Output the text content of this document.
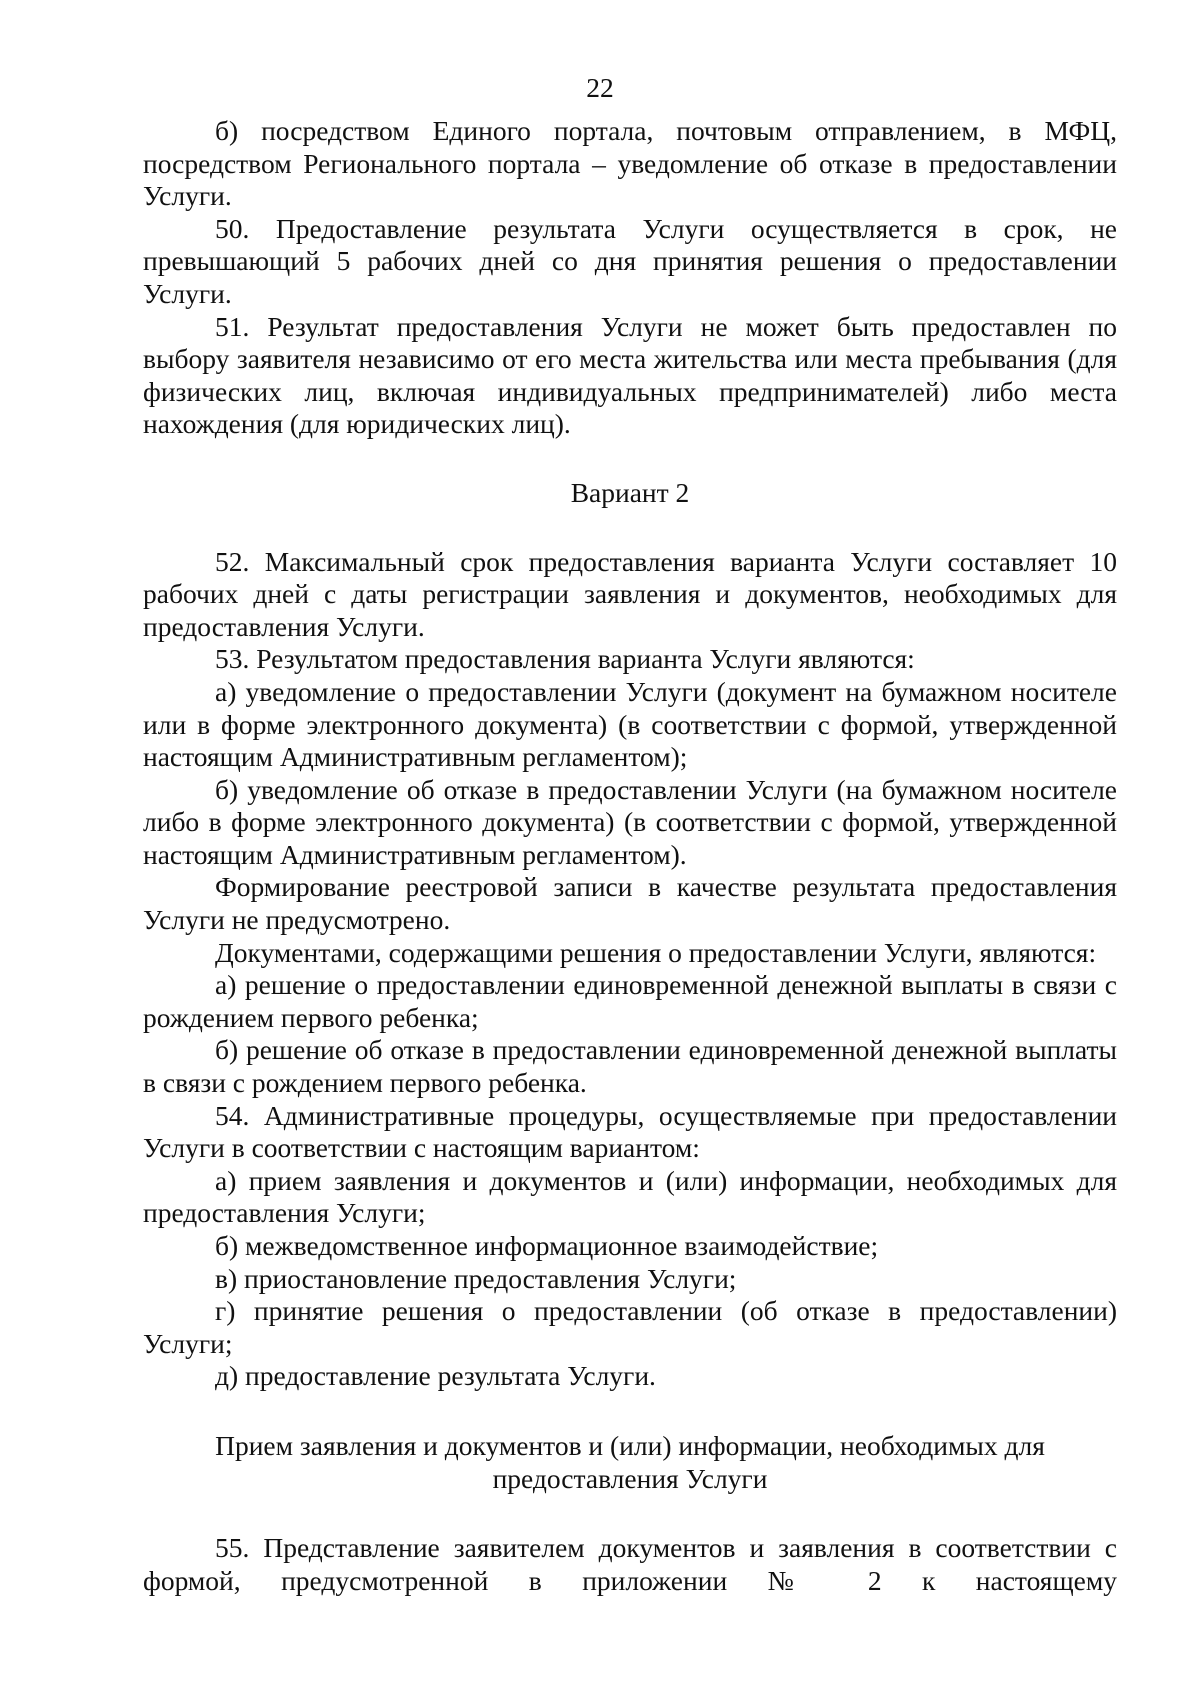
22

б) посредством Единого портала, почтовым отправлением, в МФЦ, посредством Регионального портала – уведомление об отказе в предоставлении Услуги.

50. Предоставление результата Услуги осуществляется в срок, не превышающий 5 рабочих дней со дня принятия решения о предоставлении Услуги.

51. Результат предоставления Услуги не может быть предоставлен по выбору заявителя независимо от его места жительства или места пребывания (для физических лиц, включая индивидуальных предпринимателей) либо места нахождения (для юридических лиц).

Вариант 2

52. Максимальный срок предоставления варианта Услуги составляет 10 рабочих дней с даты регистрации заявления и документов, необходимых для предоставления Услуги.

53. Результатом предоставления варианта Услуги являются:

а) уведомление о предоставлении Услуги (документ на бумажном носителе или в форме электронного документа) (в соответствии с формой, утвержденной настоящим Административным регламентом);

б) уведомление об отказе в предоставлении Услуги (на бумажном носителе либо в форме электронного документа) (в соответствии с формой, утвержденной настоящим Административным регламентом).

Формирование реестровой записи в качестве результата предоставления Услуги не предусмотрено.

Документами, содержащими решения о предоставлении Услуги, являются:

а) решение о предоставлении единовременной денежной выплаты в связи с рождением первого ребенка;

б) решение об отказе в предоставлении единовременной денежной выплаты в связи с рождением первого ребенка.

54. Административные процедуры, осуществляемые при предоставлении Услуги в соответствии с настоящим вариантом:

а) прием заявления и документов и (или) информации, необходимых для предоставления Услуги;

б) межведомственное информационное взаимодействие;

в) приостановление предоставления Услуги;

г) принятие решения о предоставлении (об отказе в предоставлении) Услуги;

д) предоставление результата Услуги.

Прием заявления и документов и (или) информации, необходимых для
предоставления Услуги

55. Представление заявителем документов и заявления в соответствии с формой, предусмотренной в приложении № 2 к настоящему
